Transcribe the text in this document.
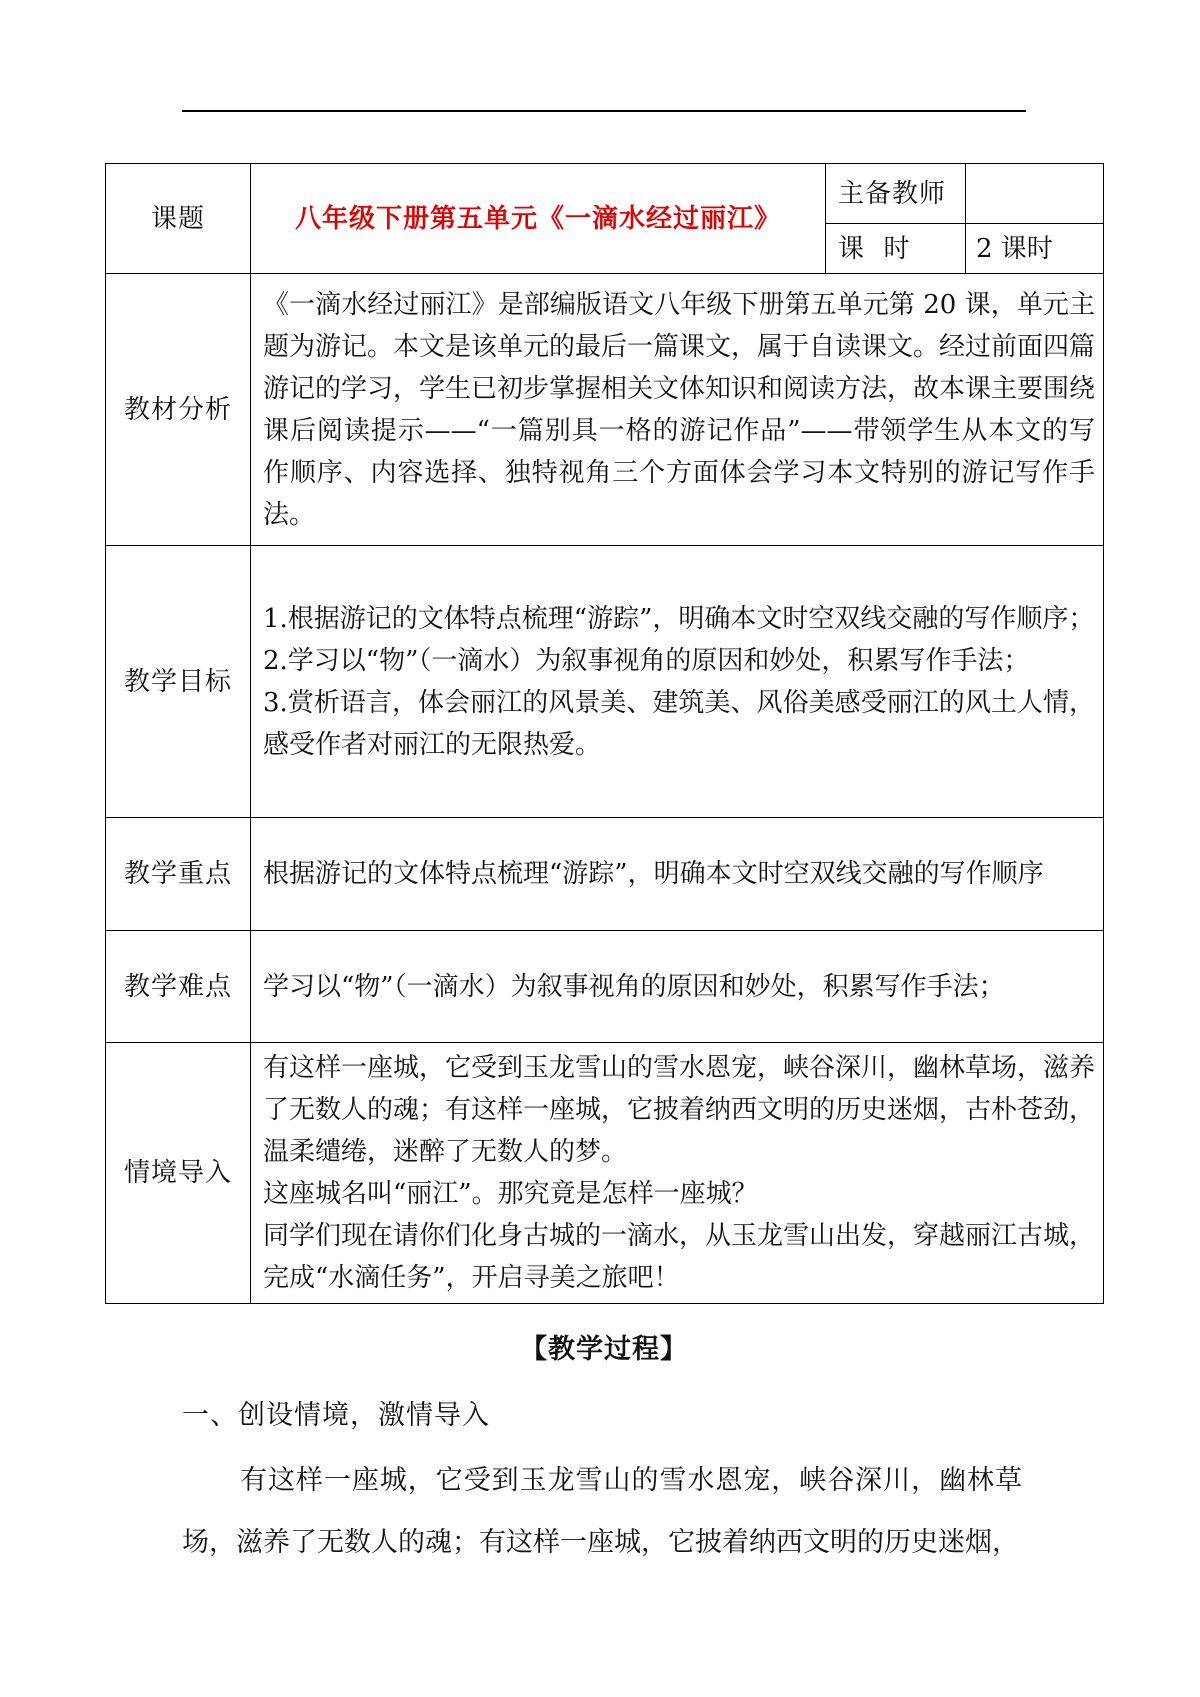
课题	八年级下册第五单元《一滴水经过丽江》	主备教师	
		课  时	2 课时
教材分析	《一滴水经过丽江》是部编版语文八年级下册第五单元第 20 课，单元主题为游记。本文是该单元的最后一篇课文，属于自读课文。经过前面四篇游记的学习，学生已初步掌握相关文体知识和阅读方法，故本课主要围绕课后阅读提示——“一篇别具一格的游记作品”——带领学生从本文的写作顺序、内容选择、独特视角三个方面体会学习本文特别的游记写作手法。		

教学目标	1.根据游记的文体特点梳理“游踪”，明确本文时空双线交融的写作顺序；

2.学习以“物”（一滴水）为叙事视角的原因和妙处，积累写作手法；

3.赏析语言，体会丽江的风景美、建筑美、风俗美感受丽江的风土人情，感受作者对丽江的无限热爱。		

教学重点	根据游记的文体特点梳理“游踪”，明确本文时空双线交融的写作顺序		

教学难点	学习以“物”（一滴水）为叙事视角的原因和妙处，积累写作手法；		

情境导入	有这样一座城，它受到玉龙雪山的雪水恩宠，峡谷深川，幽林草场，滋养了无数人的魂；有这样一座城，它披着纳西文明的历史迷烟，古朴苍劲，温柔缱绻，迷醉了无数人的梦。

这座城名叫“丽江”。那究竟是怎样一座城？

同学们现在请你们化身古城的一滴水，从玉龙雪山出发，穿越丽江古城，完成“水滴任务”，开启寻美之旅吧！		

【教学过程】
一、创设情境，激情导入

有这样一座城，它受到玉龙雪山的雪水恩宠，峡谷深川，幽林草场，滋养了无数人的魂；有这样一座城，它披着纳西文明的历史迷烟，
